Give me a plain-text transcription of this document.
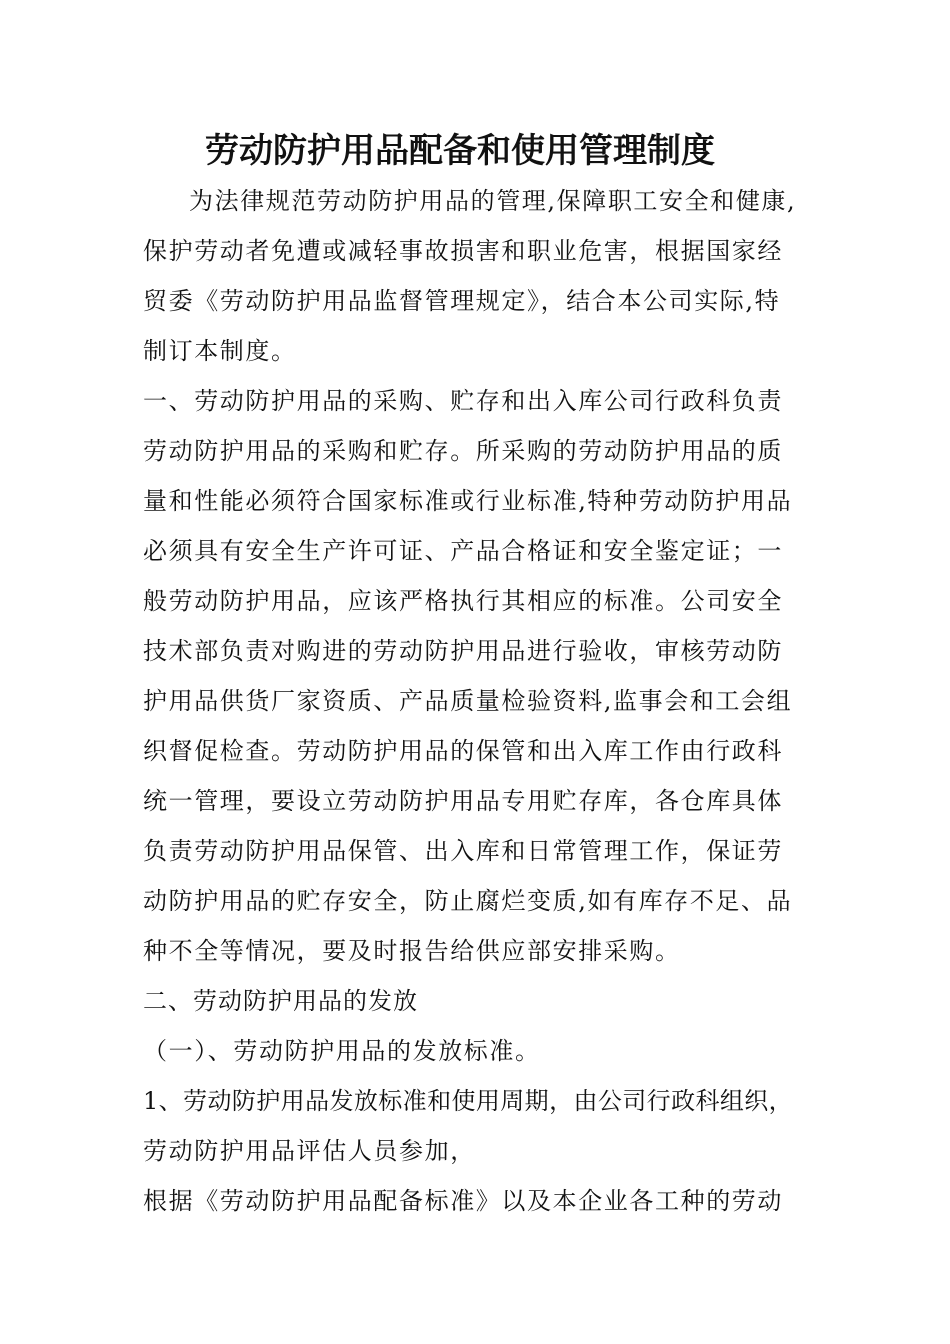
劳动防护用品配备和使用管理制度
为法律规范劳动防护用品的管理,保障职工安全和健康,
保护劳动者免遭或减轻事故损害和职业危害，根据国家经
贸委《劳动防护用品监督管理规定》，结合本公司实际,特
制订本制度。
一、劳动防护用品的采购、贮存和出入库公司行政科负责
劳动防护用品的采购和贮存。所采购的劳动防护用品的质
量和性能必须符合国家标准或行业标准,特种劳动防护用品
必须具有安全生产许可证、产品合格证和安全鉴定证；一
般劳动防护用品，应该严格执行其相应的标准。公司安全
技术部负责对购进的劳动防护用品进行验收，审核劳动防
护用品供货厂家资质、产品质量检验资料,监事会和工会组
织督促检查。劳动防护用品的保管和出入库工作由行政科
统一管理，要设立劳动防护用品专用贮存库，各仓库具体
负责劳动防护用品保管、出入库和日常管理工作，保证劳
动防护用品的贮存安全，防止腐烂变质,如有库存不足、品
种不全等情况，要及时报告给供应部安排采购。
二、劳动防护用品的发放
（一）、劳动防护用品的发放标准。
1、劳动防护用品发放标准和使用周期，由公司行政科组织，
劳动防护用品评估人员参加，
根据《劳动防护用品配备标准》以及本企业各工种的劳动
